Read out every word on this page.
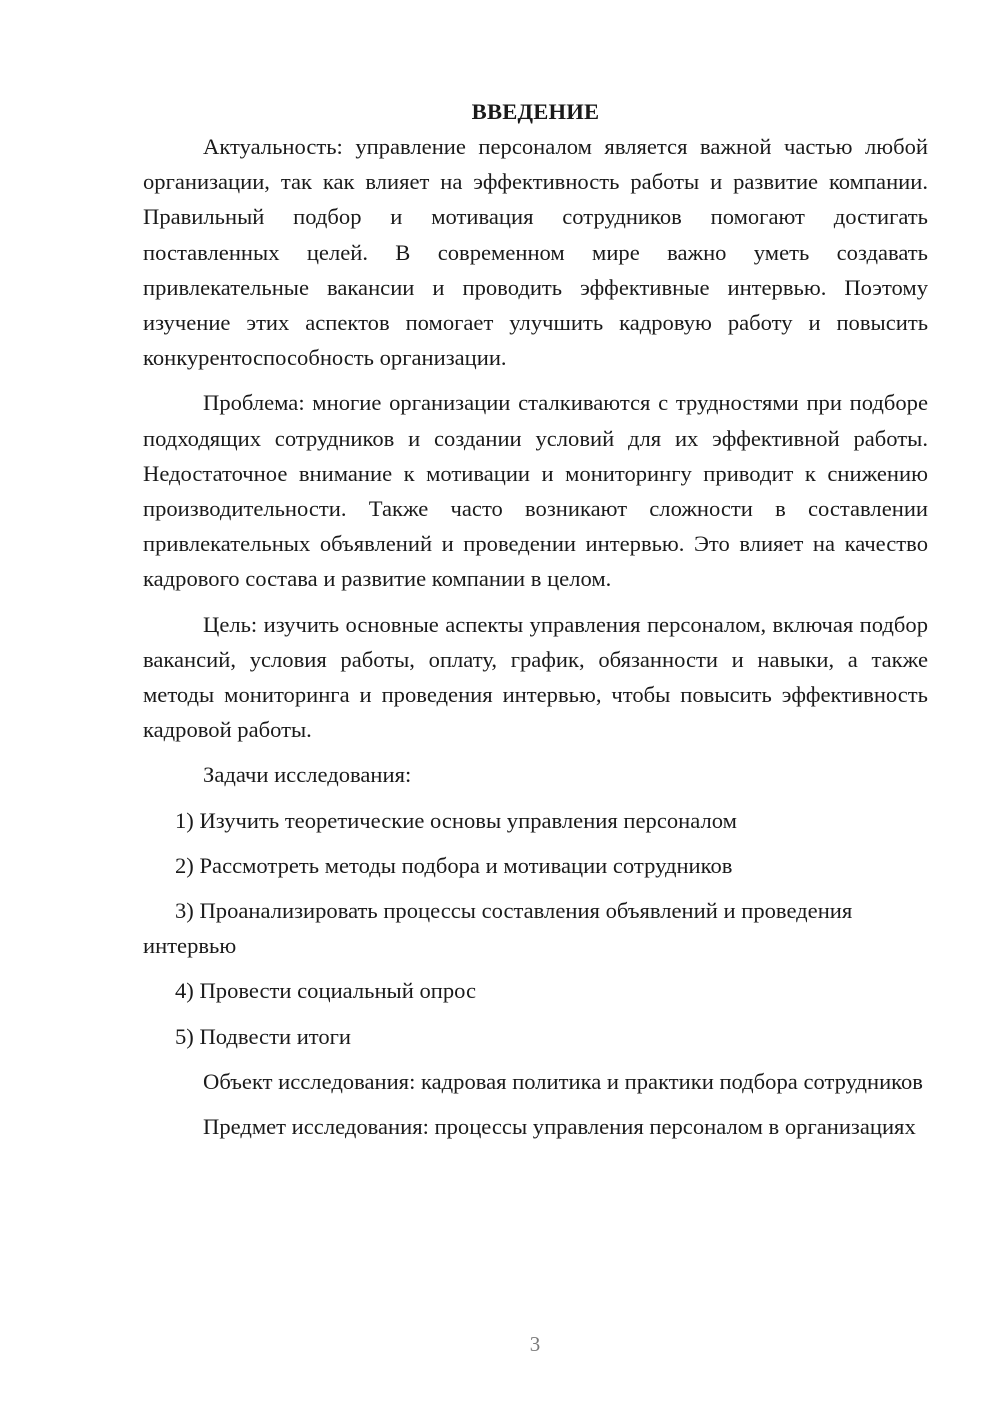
ВВЕДЕНИЕ

Актуальность: управление персоналом является важной частью любой организации, так как влияет на эффективность работы и развитие компании. Правильный подбор и мотивация сотрудников помогают достигать поставленных целей. В современном мире важно уметь создавать привлекательные вакансии и проводить эффективные интервью. Поэтому изучение этих аспектов помогает улучшить кадровую работу и повысить конкурентоспособность организации.

Проблема: многие организации сталкиваются с трудностями при подборе подходящих сотрудников и создании условий для их эффективной работы. Недостаточное внимание к мотивации и мониторингу приводит к снижению производительности. Также часто возникают сложности в составлении привлекательных объявлений и проведении интервью. Это влияет на качество кадрового состава и развитие компании в целом.

Цель: изучить основные аспекты управления персоналом, включая подбор вакансий, условия работы, оплату, график, обязанности и навыки, а также методы мониторинга и проведения интервью, чтобы повысить эффективность кадровой работы.

Задачи исследования:

1) Изучить теоретические основы управления персоналом

2) Рассмотреть методы подбора и мотивации сотрудников

3) Проанализировать процессы составления объявлений и проведения интервью

4) Провести социальный опрос

5) Подвести итоги

Объект исследования: кадровая политика и практики подбора сотрудников

Предмет исследования: процессы управления персоналом в организациях

3
